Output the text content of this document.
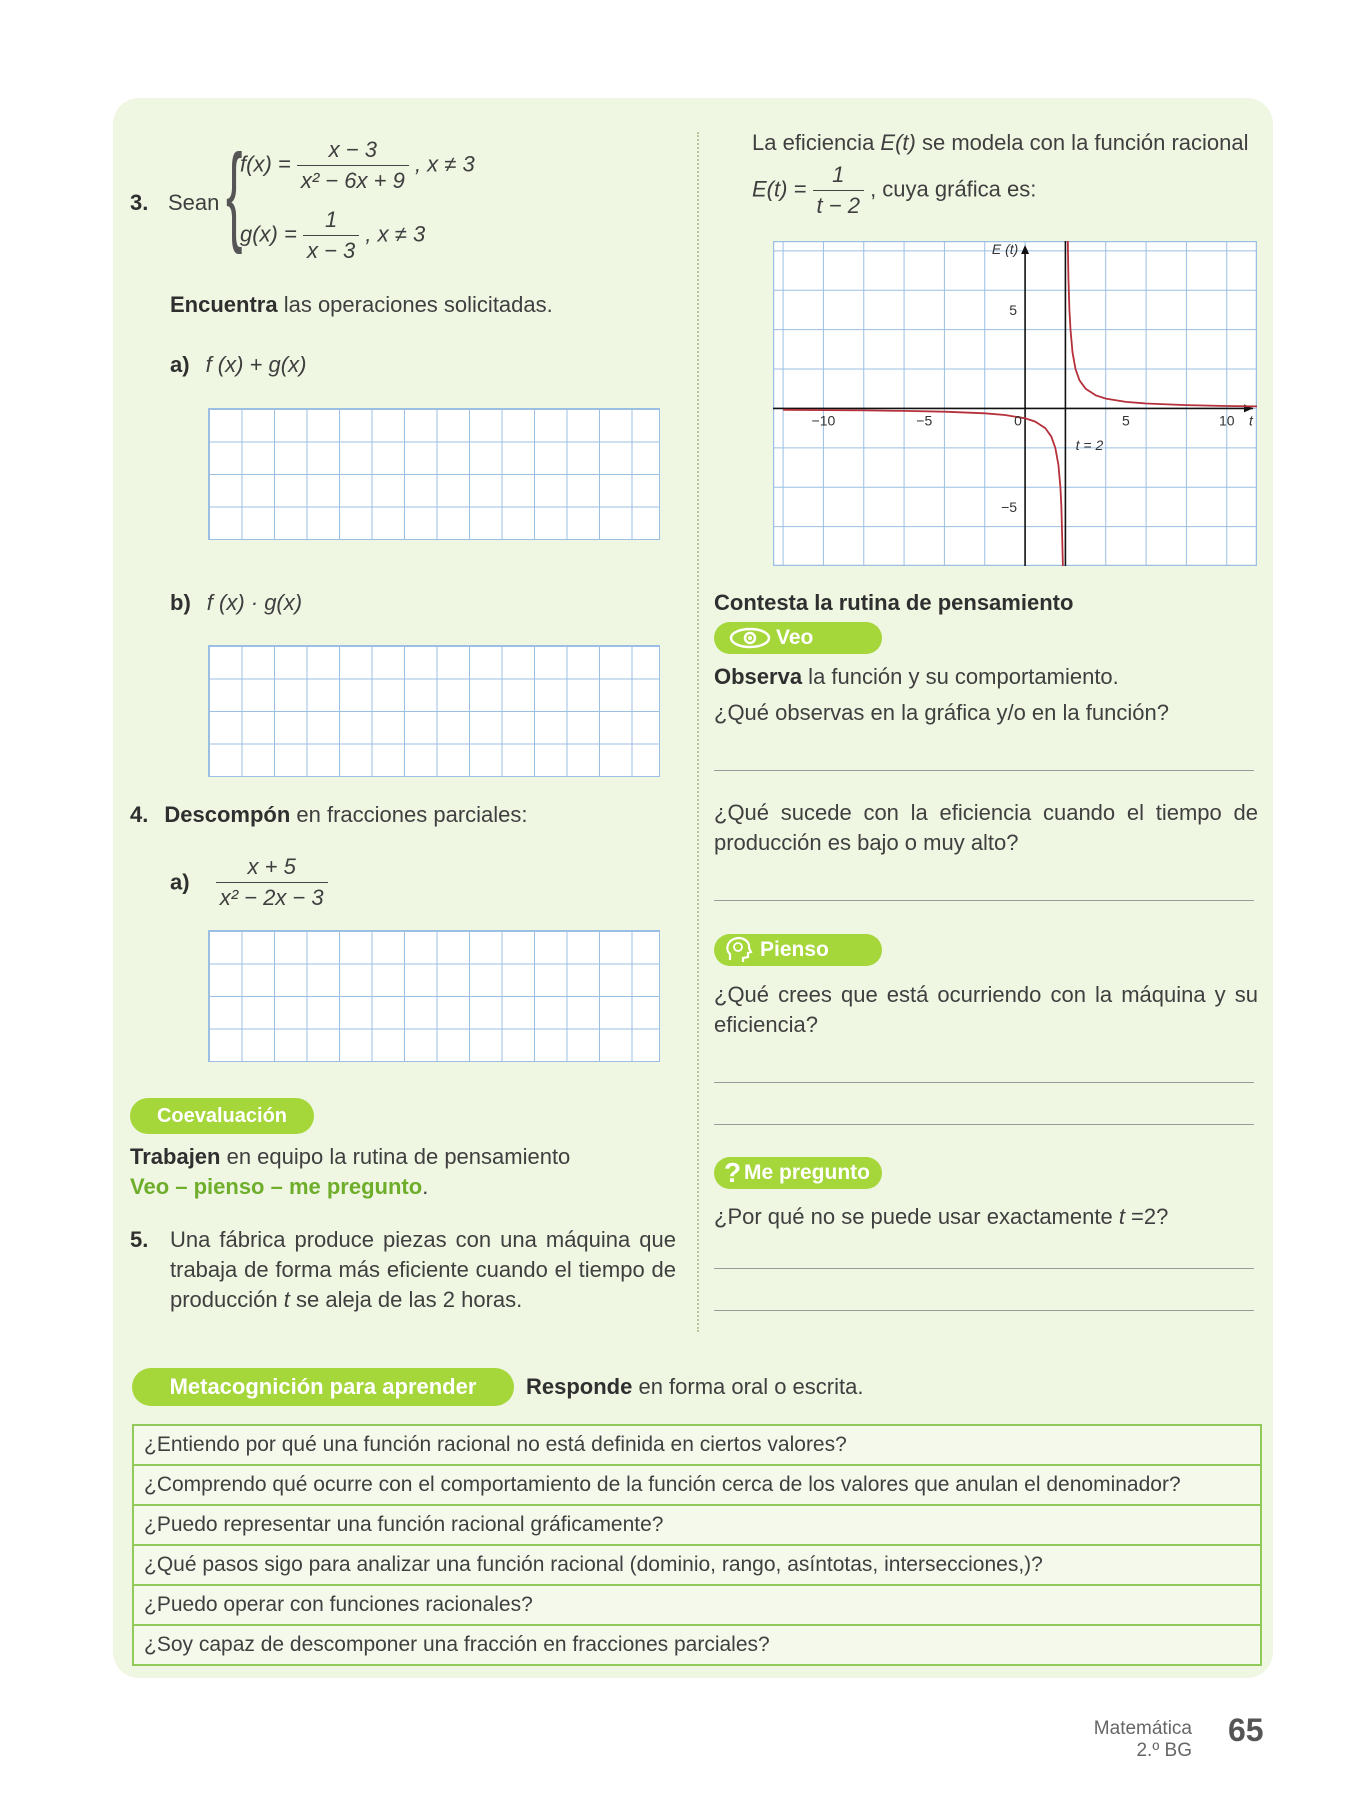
3. Sean {
$f(x) = \frac{x - 3}{\text{x² − 6x + 9}}$ , x ≠ 3
$g(x) = \frac{1}{x - 3}$ , x ≠ 3
Encuentra las operaciones solicitadas.
a) f (x) + g(x)
b) f (x) · g(x)
4. Descompón en fracciones parciales:
$a) \frac{x + 5}{\text{x² − 2x − 3}}$
Coevaluación
Trabajen en equipo la rutina de pensamiento
Veo – pienso – me pregunto.
5. Una fábrica produce piezas con una máquina que trabaja de forma más eficiente cuando el tiempo de producción t se aleja de las 2 horas.
La eficiencia E(t) se modela con la función racional
$E(t) = \frac{1}{t - 2}$ , cuya gráfica es:
−10	−5	0	5	10
5
−5
t
E (t)
t = 2
Contesta la rutina de pensamiento
Veo
Observa la función y su comportamiento.
¿Qué observas en la gráfica y/o en la función?
¿Qué sucede con la eficiencia cuando el tiempo de producción es bajo o muy alto?
Pienso
¿Qué crees que está ocurriendo con la máquina y su eficiencia?
? Me pregunto
¿Por qué no se puede usar exactamente t =2?
Metacognición para aprender	Responde en forma oral o escrita.
¿Entiendo por qué una función racional no está definida en ciertos valores?
¿Comprendo qué ocurre con el comportamiento de la función cerca de los valores que anulan el denominador?
¿Puedo representar una función racional gráficamente?
¿Qué pasos sigo para analizar una función racional (dominio, rango, asíntotas, intersecciones,)?
¿Puedo operar con funciones racionales?
¿Soy capaz de descomponer una fracción en fracciones parciales?
Matemática
2.º BG
65
